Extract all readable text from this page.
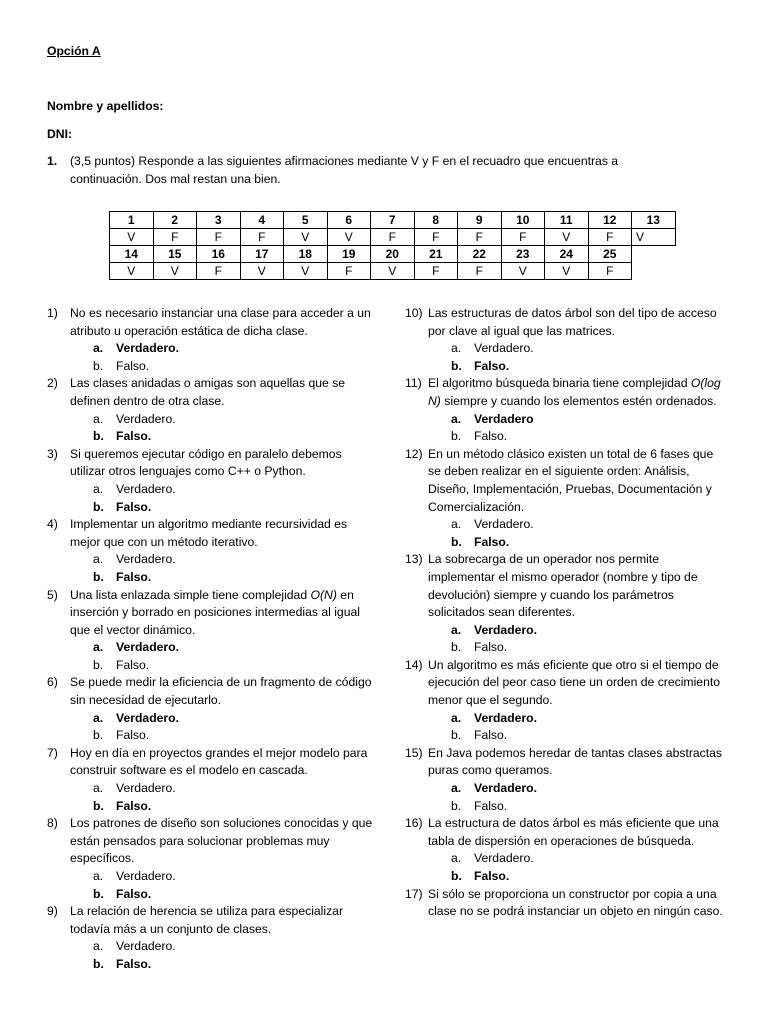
Opción A
Nombre y apellidos:
DNI:
1. (3,5 puntos) Responde a las siguientes afirmaciones mediante V y F en el recuadro que encuentras a continuación. Dos mal restan una bien.
1	2	3	4	5	6	7	8	9	10	11	12	13
V	F	F	F	V	V	F	F	F	F	V	F	V
14	15	16	17	18	19	20	21	22	23	24	25	
V	V	F	V	V	F	V	F	F	V	V	F	
1) No es necesario instanciar una clase para acceder a un atributo u operación estática de dicha clase.
a. Verdadero.
b. Falso.
2) Las clases anidadas o amigas son aquellas que se definen dentro de otra clase.
a. Verdadero.
b. Falso.
3) Si queremos ejecutar código en paralelo debemos utilizar otros lenguajes como C++ o Python.
a. Verdadero.
b. Falso.
4) Implementar un algoritmo mediante recursividad es mejor que con un método iterativo.
a. Verdadero.
b. Falso.
5) Una lista enlazada simple tiene complejidad O(N) en inserción y borrado en posiciones intermedias al igual que el vector dinámico.
a. Verdadero.
b. Falso.
6) Se puede medir la eficiencia de un fragmento de código sin necesidad de ejecutarlo.
a. Verdadero.
b. Falso.
7) Hoy en día en proyectos grandes el mejor modelo para construir software es el modelo en cascada.
a. Verdadero.
b. Falso.
8) Los patrones de diseño son soluciones conocidas y que están pensados para solucionar problemas muy específicos.
a. Verdadero.
b. Falso.
9) La relación de herencia se utiliza para especializar todavía más a un conjunto de clases.
a. Verdadero.
b. Falso.
10) Las estructuras de datos árbol son del tipo de acceso por clave al igual que las matrices.
a. Verdadero.
b. Falso.
11) El algoritmo búsqueda binaria tiene complejidad O(log N) siempre y cuando los elementos estén ordenados.
a. Verdadero
b. Falso.
12) En un método clásico existen un total de 6 fases que se deben realizar en el siguiente orden: Análisis, Diseño, Implementación, Pruebas, Documentación y Comercialización.
a. Verdadero.
b. Falso.
13) La sobrecarga de un operador nos permite implementar el mismo operador (nombre y tipo de devolución) siempre y cuando los parámetros solicitados sean diferentes.
a. Verdadero.
b. Falso.
14) Un algoritmo es más eficiente que otro si el tiempo de ejecución del peor caso tiene un orden de crecimiento menor que el segundo.
a. Verdadero.
b. Falso.
15) En Java podemos heredar de tantas clases abstractas puras como queramos.
a. Verdadero.
b. Falso.
16) La estructura de datos árbol es más eficiente que una tabla de dispersión en operaciones de búsqueda.
a. Verdadero.
b. Falso.
17) Si sólo se proporciona un constructor por copia a una clase no se podrá instanciar un objeto en ningún caso.
